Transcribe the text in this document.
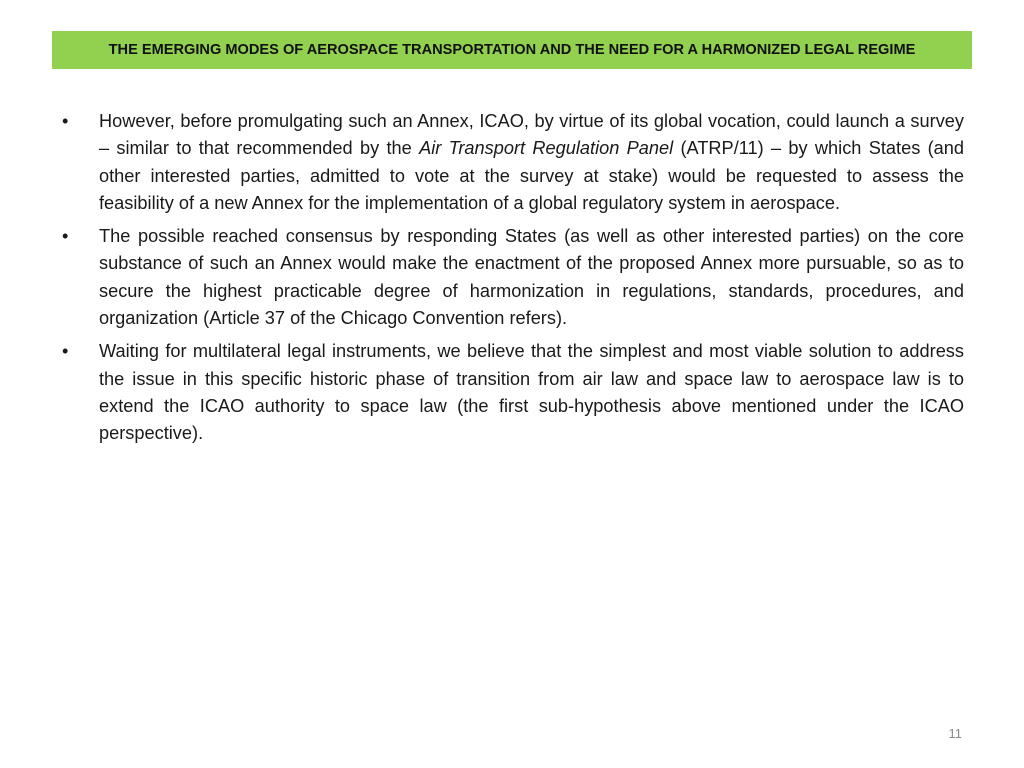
THE EMERGING MODES OF AEROSPACE TRANSPORTATION AND THE NEED FOR A HARMONIZED LEGAL REGIME
•	However, before promulgating such an Annex, ICAO, by virtue of its global vocation, could launch a survey – similar to that recommended by the Air Transport Regulation Panel (ATRP/11) – by which States (and other interested parties, admitted to vote at the survey at stake) would be requested to assess the feasibility of a new Annex for the implementation of a global regulatory system in aerospace.
•	The possible reached consensus by responding States (as well as other interested parties) on the core substance of such an Annex would make the enactment of the proposed Annex more pursuable, so as to secure the highest practicable degree of harmonization in regulations, standards, procedures, and organization (Article 37 of the Chicago Convention refers).
•	Waiting for multilateral legal instruments, we believe that the simplest and most viable solution to address the issue in this specific historic phase of transition from air law and space law to aerospace law is to extend the ICAO authority to space law (the first sub-hypothesis above mentioned under the ICAO perspective).
11
